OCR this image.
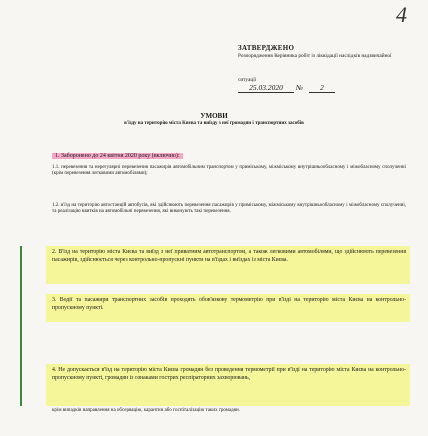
4
ЗАТВЕРДЖЕНО
Розпорядження Керівника робіт із ліквідації наслідків надзвичайної
ситуації
25.03.2020 № 2
УМОВИ
в'їзду на територію міста Києва та виїзду з неї громадян і транспортних засобів
1. Заборонено до 24 квітня 2020 року (включно):
1.1. перевезення та нерегулярні перевезення пасажирів автомобільним транспортом у приміському, міжміському внутрішньообласному і міжобласному сполученні (крім перевезення легковими автомобілями);
1.2. в'їзд на територію автостанцій автобусів, які здійснюють перевезення пасажирів у приміському, міжміському внутрішньообласному і міжобласному сполученні, та реалізацію квитків на автомобільні перевезення, які виконують такі перевезення.
2. В'їзд на територію міста Києва та виїзд з неї приватним автотранспортом, а також легковими автомобілями, що здійснюють перевезення пасажирів, здійснюється через контрольно-пропускні пункти на в'їздах і виїздах із міста Києва.
3. Водії та пасажири транспортних засобів проходять обов'язкову термометрію при в'їзді на територію міста Києва на контрольно-пропускному пункті.
4. Не допускається в'їзд на територію міста Києва громадян без проведення термометрії при в'їзді на територію міста Києва на контрольно-пропускному пункті, громадян із ознаками гострих респіраторних захворювань,
крім випадків направлення на обсервацію, карантин або госпіталізацію таких громадян.
